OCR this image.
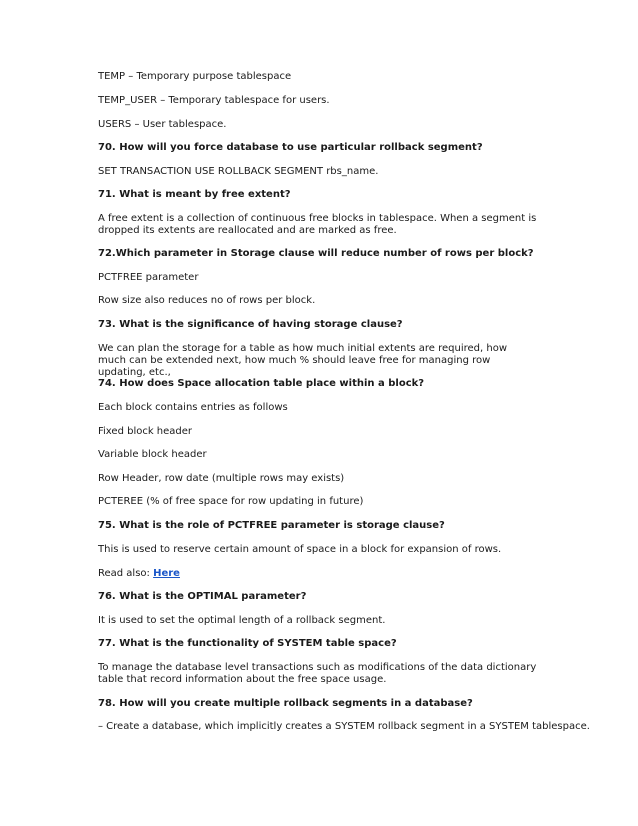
TEMP – Temporary purpose tablespace
TEMP_USER – Temporary tablespace for users.
USERS – User tablespace.
70. How will you force database to use particular rollback segment?
SET TRANSACTION USE ROLLBACK SEGMENT rbs_name.
71. What is meant by free extent?
A free extent is a collection of continuous free blocks in tablespace. When a segment is dropped its extents are reallocated and are marked as free.
72.Which parameter in Storage clause will reduce number of rows per block?
PCTFREE parameter
Row size also reduces no of rows per block.
73. What is the significance of having storage clause?
We can plan the storage for a table as how much initial extents are required, how much can be extended next, how much % should leave free for managing row updating, etc.,
74. How does Space allocation table place within a block?
Each block contains entries as follows
Fixed block header
Variable block header
Row Header, row date (multiple rows may exists)
PCTEREE (% of free space for row updating in future)
75. What is the role of PCTFREE parameter is storage clause?
This is used to reserve certain amount of space in a block for expansion of rows.
Read also: Here
76. What is the OPTIMAL parameter?
It is used to set the optimal length of a rollback segment.
77. What is the functionality of SYSTEM table space?
To manage the database level transactions such as modifications of the data dictionary table that record information about the free space usage.
78. How will you create multiple rollback segments in a database?
– Create a database, which implicitly creates a SYSTEM rollback segment in a SYSTEM tablespace.
